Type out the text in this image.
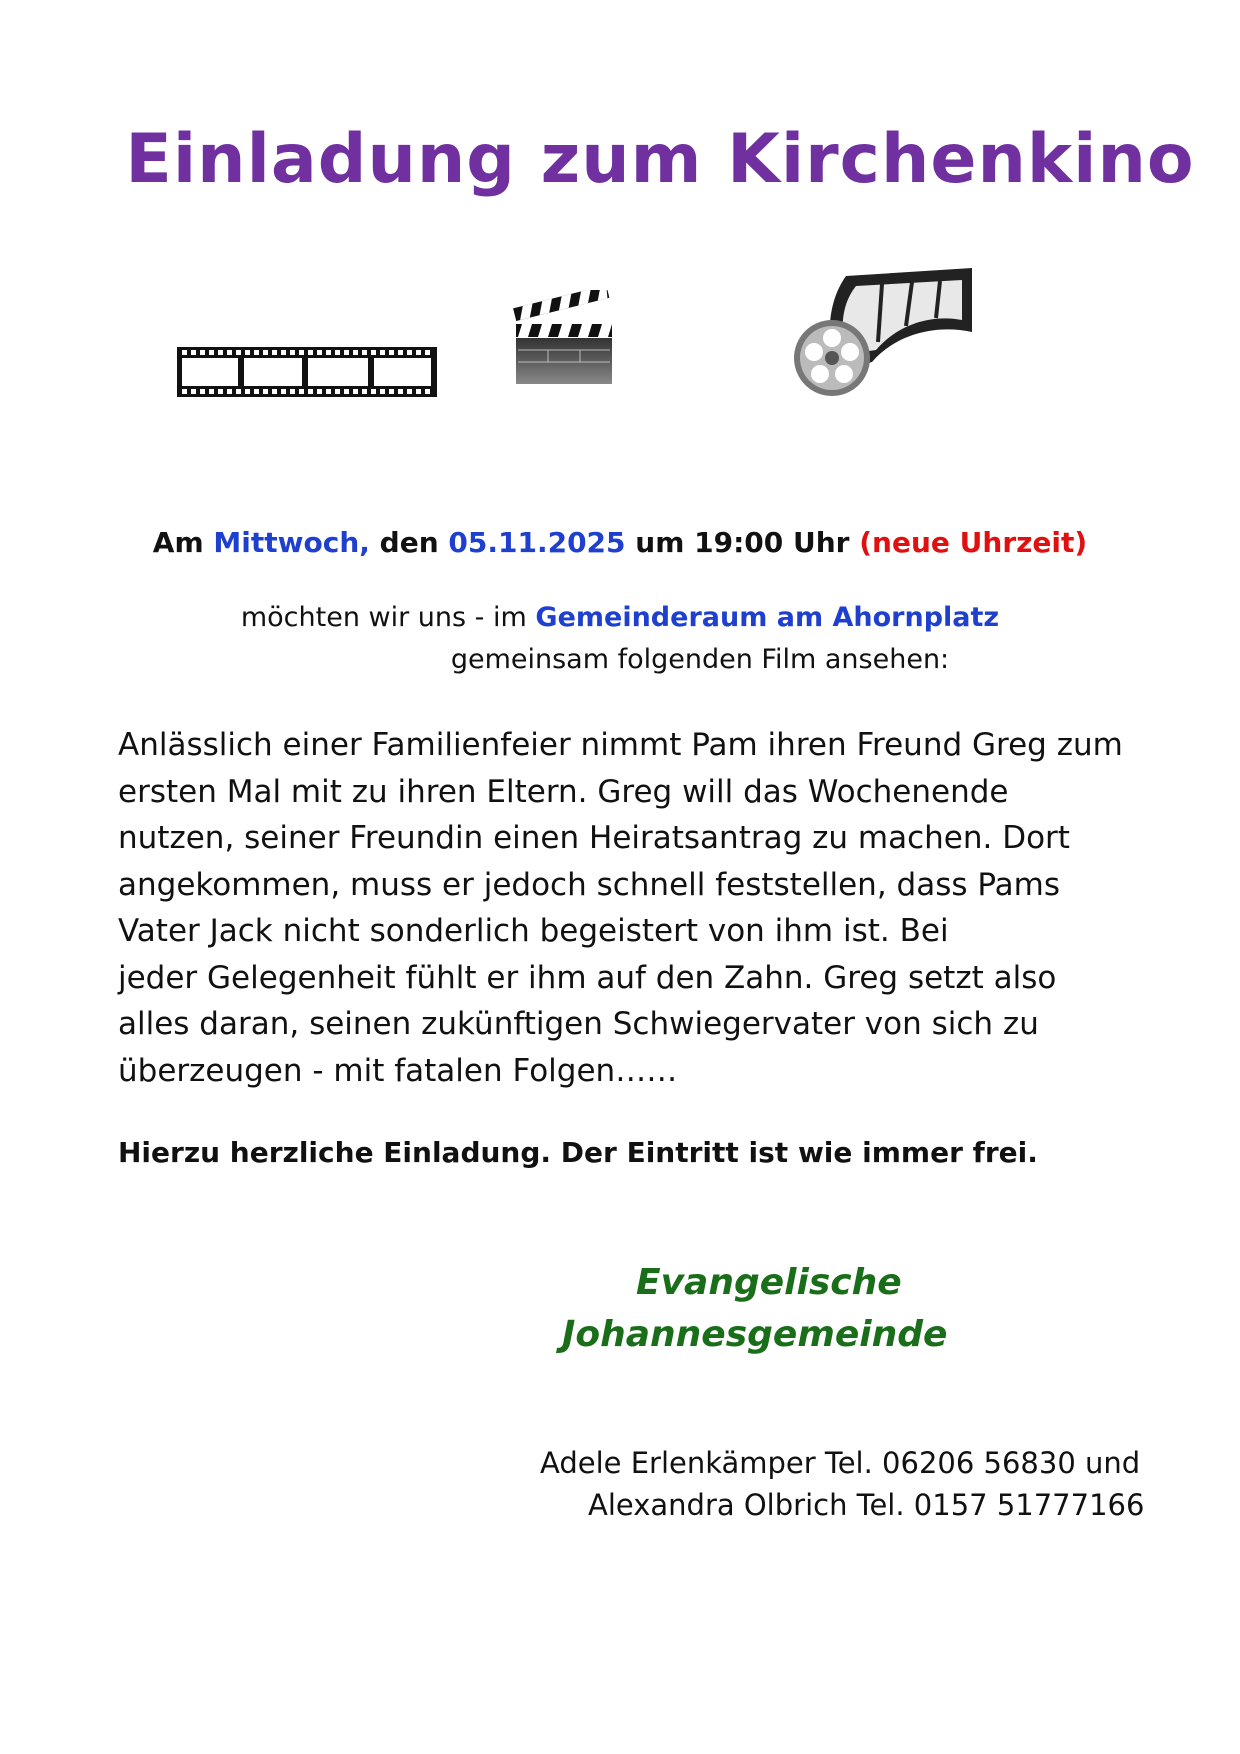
Einladung zum Kirchenkino

Am Mittwoch, den 05.11.2025 um 19:00 Uhr (neue Uhrzeit)

möchten wir uns - im Gemeinderaum am Ahornplatz

gemeinsam folgenden Film ansehen:

Anlässlich einer Familienfeier nimmt Pam ihren Freund Greg zum
ersten Mal mit zu ihren Eltern. Greg will das Wochenende
nutzen, seiner Freundin einen Heiratsantrag zu machen. Dort
angekommen, muss er jedoch schnell feststellen, dass Pams
Vater Jack nicht sonderlich begeistert von ihm ist. Bei
jeder Gelegenheit fühlt er ihm auf den Zahn. Greg setzt also
alles daran, seinen zukünftigen Schwiegervater von sich zu
überzeugen - mit fatalen Folgen……

Hierzu herzliche Einladung. Der Eintritt ist wie immer frei.

Evangelische

Johannesgemeinde

Adele Erlenkämper Tel. 06206 56830 und

Alexandra Olbrich Tel. 0157 51777166
